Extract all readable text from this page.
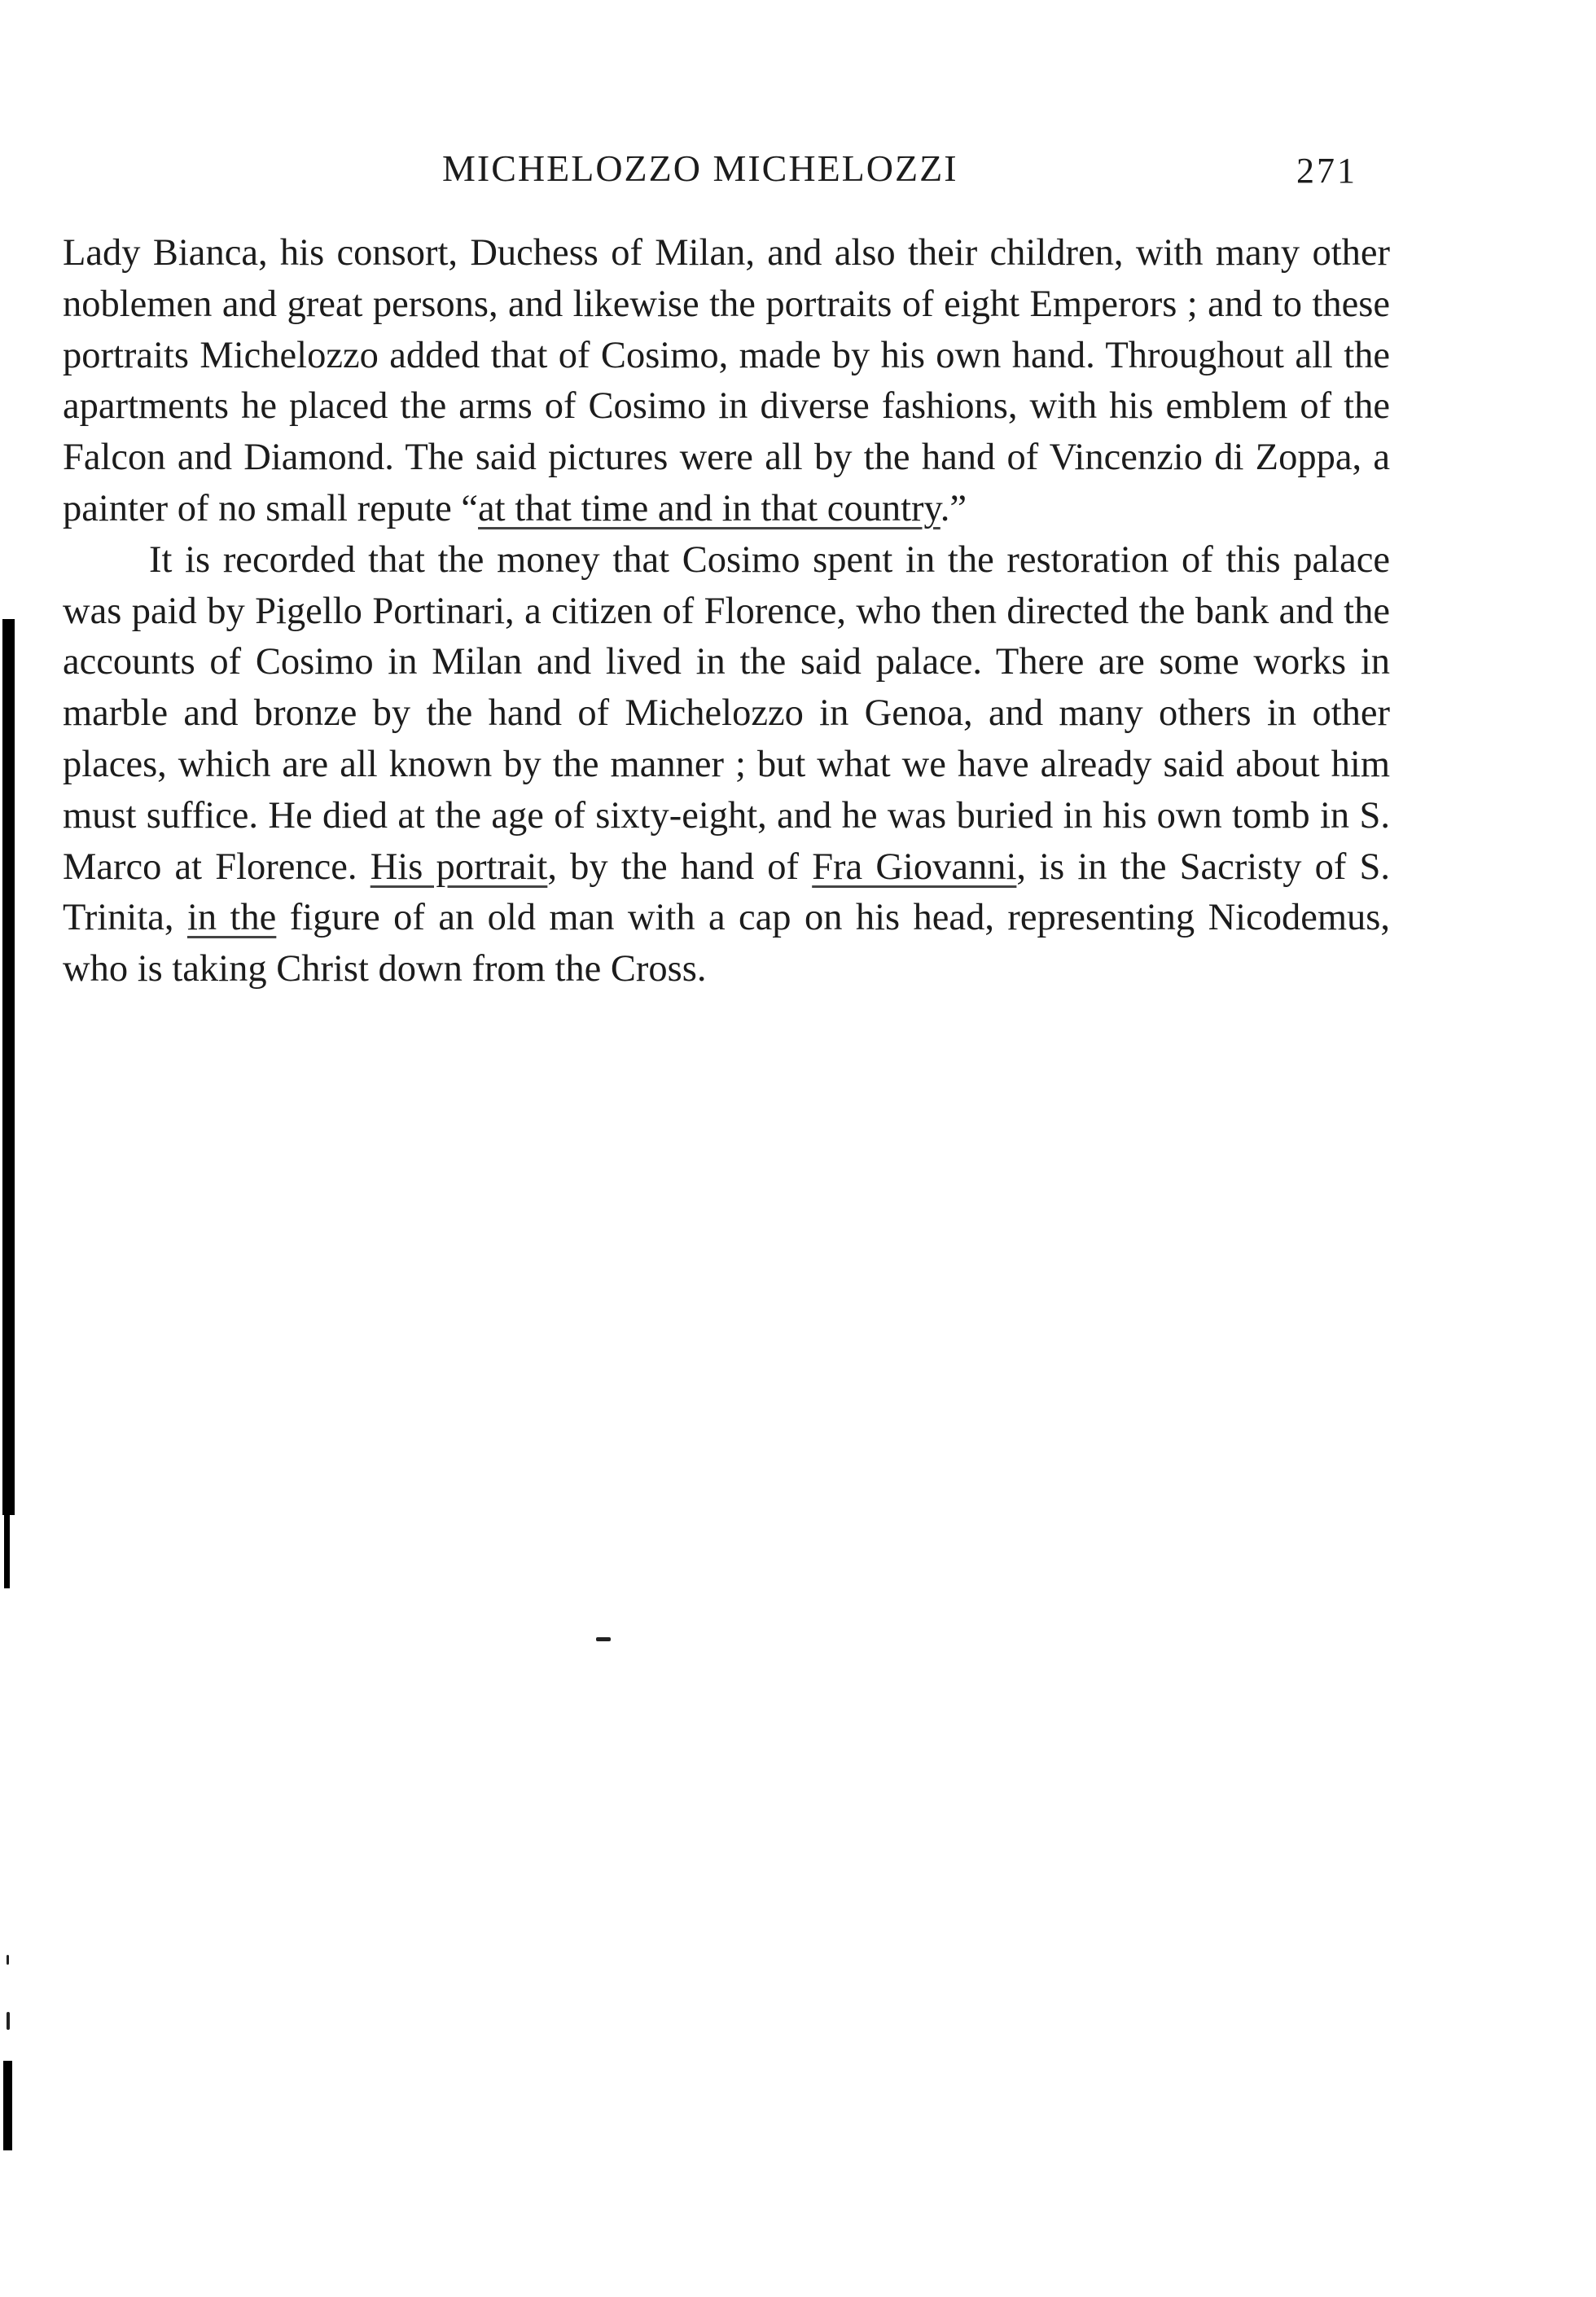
MICHELOZZO MICHELOZZI	271

Lady Bianca, his consort, Duchess of Milan, and also their children, with many other noblemen and great persons, and likewise the portraits of eight Emperors ; and to these portraits Michelozzo added that of Cosimo, made by his own hand. Throughout all the apartments he placed the arms of Cosimo in diverse fashions, with his emblem of the Falcon and Diamond. The said pictures were all by the hand of Vincenzio di Zoppa, a painter of no small repute “at that time and in that country.”

It is recorded that the money that Cosimo spent in the restoration of this palace was paid by Pigello Portinari, a citizen of Florence, who then directed the bank and the accounts of Cosimo in Milan and lived in the said palace. There are some works in marble and bronze by the hand of Michelozzo in Genoa, and many others in other places, which are all known by the manner ; but what we have already said about him must suffice. He died at the age of sixty-eight, and he was buried in his own tomb in S. Marco at Florence. His portrait, by the hand of Fra Giovanni, is in the Sacristy of S. Trinita, in the figure of an old man with a cap on his head, representing Nicodemus, who is taking Christ down from the Cross.
